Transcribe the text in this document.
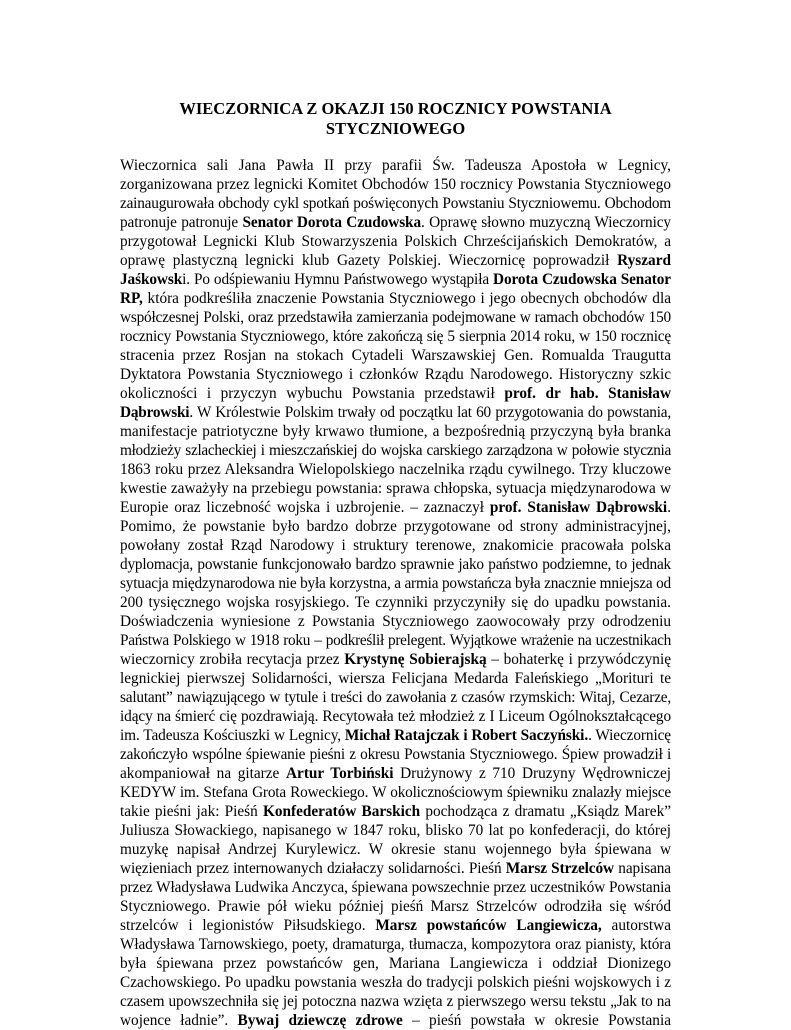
WIECZORNICA Z OKAZJI 150 ROCZNICY POWSTANIA
STYCZNIOWEGO
Wieczornica sali Jana Pawła II przy parafii Św. Tadeusza Apostoła w Legnicy,
zorganizowana przez legnicki Komitet Obchodów 150 rocznicy Powstania Styczniowego
zainaugurowała obchody cykl spotkań poświęconych Powstaniu Styczniowemu. Obchodom
patronuje patronuje Senator Dorota Czudowska. Oprawę słowno muzyczną Wieczornicy
przygotował Legnicki Klub Stowarzyszenia Polskich Chrześcijańskich Demokratów, a
oprawę plastyczną legnicki klub Gazety Polskiej. Wieczornicę poprowadził Ryszard
Jaśkowski. Po odśpiewaniu Hymnu Państwowego wystąpiła Dorota Czudowska Senator
RP, która podkreśliła znaczenie Powstania Styczniowego i jego obecnych obchodów dla
współczesnej Polski, oraz przedstawiła zamierzania podejmowane w ramach obchodów 150
rocznicy Powstania Styczniowego, które zakończą się 5 sierpnia 2014 roku, w 150 rocznicę
stracenia przez Rosjan na stokach Cytadeli Warszawskiej Gen. Romualda Traugutta
Dyktatora Powstania Styczniowego i członków Rządu Narodowego. Historyczny szkic
okoliczności i przyczyn wybuchu Powstania przedstawił prof. dr hab. Stanisław
Dąbrowski. W Królestwie Polskim trwały od początku lat 60 przygotowania do powstania,
manifestacje patriotyczne były krwawo tłumione, a bezpośrednią przyczyną była branka
młodzieży szlacheckiej i mieszczańskiej do wojska carskiego zarządzona w połowie stycznia
1863 roku przez Aleksandra Wielopolskiego naczelnika rządu cywilnego. Trzy kluczowe
kwestie zaważyły na przebiegu powstania: sprawa chłopska, sytuacja międzynarodowa w
Europie oraz liczebność wojska i uzbrojenie. – zaznaczył prof. Stanisław Dąbrowski.
Pomimo, że powstanie było bardzo dobrze przygotowane od strony administracyjnej,
powołany został Rząd Narodowy i struktury terenowe, znakomicie pracowała polska
dyplomacja, powstanie funkcjonowało bardzo sprawnie jako państwo podziemne, to jednak
sytuacja międzynarodowa nie była korzystna, a armia powstańcza była znacznie mniejsza od
200 tysięcznego wojska rosyjskiego. Te czynniki przyczyniły się do upadku powstania.
Doświadczenia wyniesione z Powstania Styczniowego zaowocowały przy odrodzeniu
Państwa Polskiego w 1918 roku – podkreślił prelegent. Wyjątkowe wrażenie na uczestnikach
wieczornicy zrobiła recytacja przez Krystynę Sobierajską – bohaterkę i przywódczynię
legnickiej pierwszej Solidarności, wiersza Felicjana Medarda Faleńskiego „Morituri te
salutant” nawiązującego w tytule i treści do zawołania z czasów rzymskich: Witaj, Cezarze,
idący na śmierć cię pozdrawiają. Recytowała też młodzież z I Liceum Ogólnokształcącego
im. Tadeusza Kościuszki w Legnicy, Michał Ratajczak i Robert Saczyński.. Wieczornicę
zakończyło wspólne śpiewanie pieśni z okresu Powstania Styczniowego. Śpiew prowadził i
akompaniował na gitarze Artur Torbiński Drużynowy z 710 Druzyny Wędrowniczej
KEDYW im. Stefana Grota Roweckiego. W okolicznościowym śpiewniku znalazły miejsce
takie pieśni jak: Pieśń Konfederatów Barskich pochodząca z dramatu „Ksiądz Marek”
Juliusza Słowackiego, napisanego w 1847 roku, blisko 70 lat po konfederacji, do której
muzykę napisał Andrzej Kurylewicz. W okresie stanu wojennego była śpiewana w
więzieniach przez internowanych działaczy solidarności. Pieśń Marsz Strzelców napisana
przez Władysława Ludwika Anczyca, śpiewana powszechnie przez uczestników Powstania
Styczniowego. Prawie pół wieku później pieśń Marsz Strzelców odrodziła się wśród
strzelców i legionistów Piłsudskiego. Marsz powstańców Langiewicza, autorstwa
Władysława Tarnowskiego, poety, dramaturga, tłumacza, kompozytora oraz pianisty, która
była śpiewana przez powstańców gen, Mariana Langiewicza i oddział Dionizego
Czachowskiego. Po upadku powstania weszła do tradycji polskich pieśni wojskowych i z
czasem upowszechniła się jej potoczna nazwa wzięta z pierwszego wersu tekstu „Jak to na
wojence ładnie”. Bywaj dziewczę zdrowe – pieśń powstała w okresie Powstania
